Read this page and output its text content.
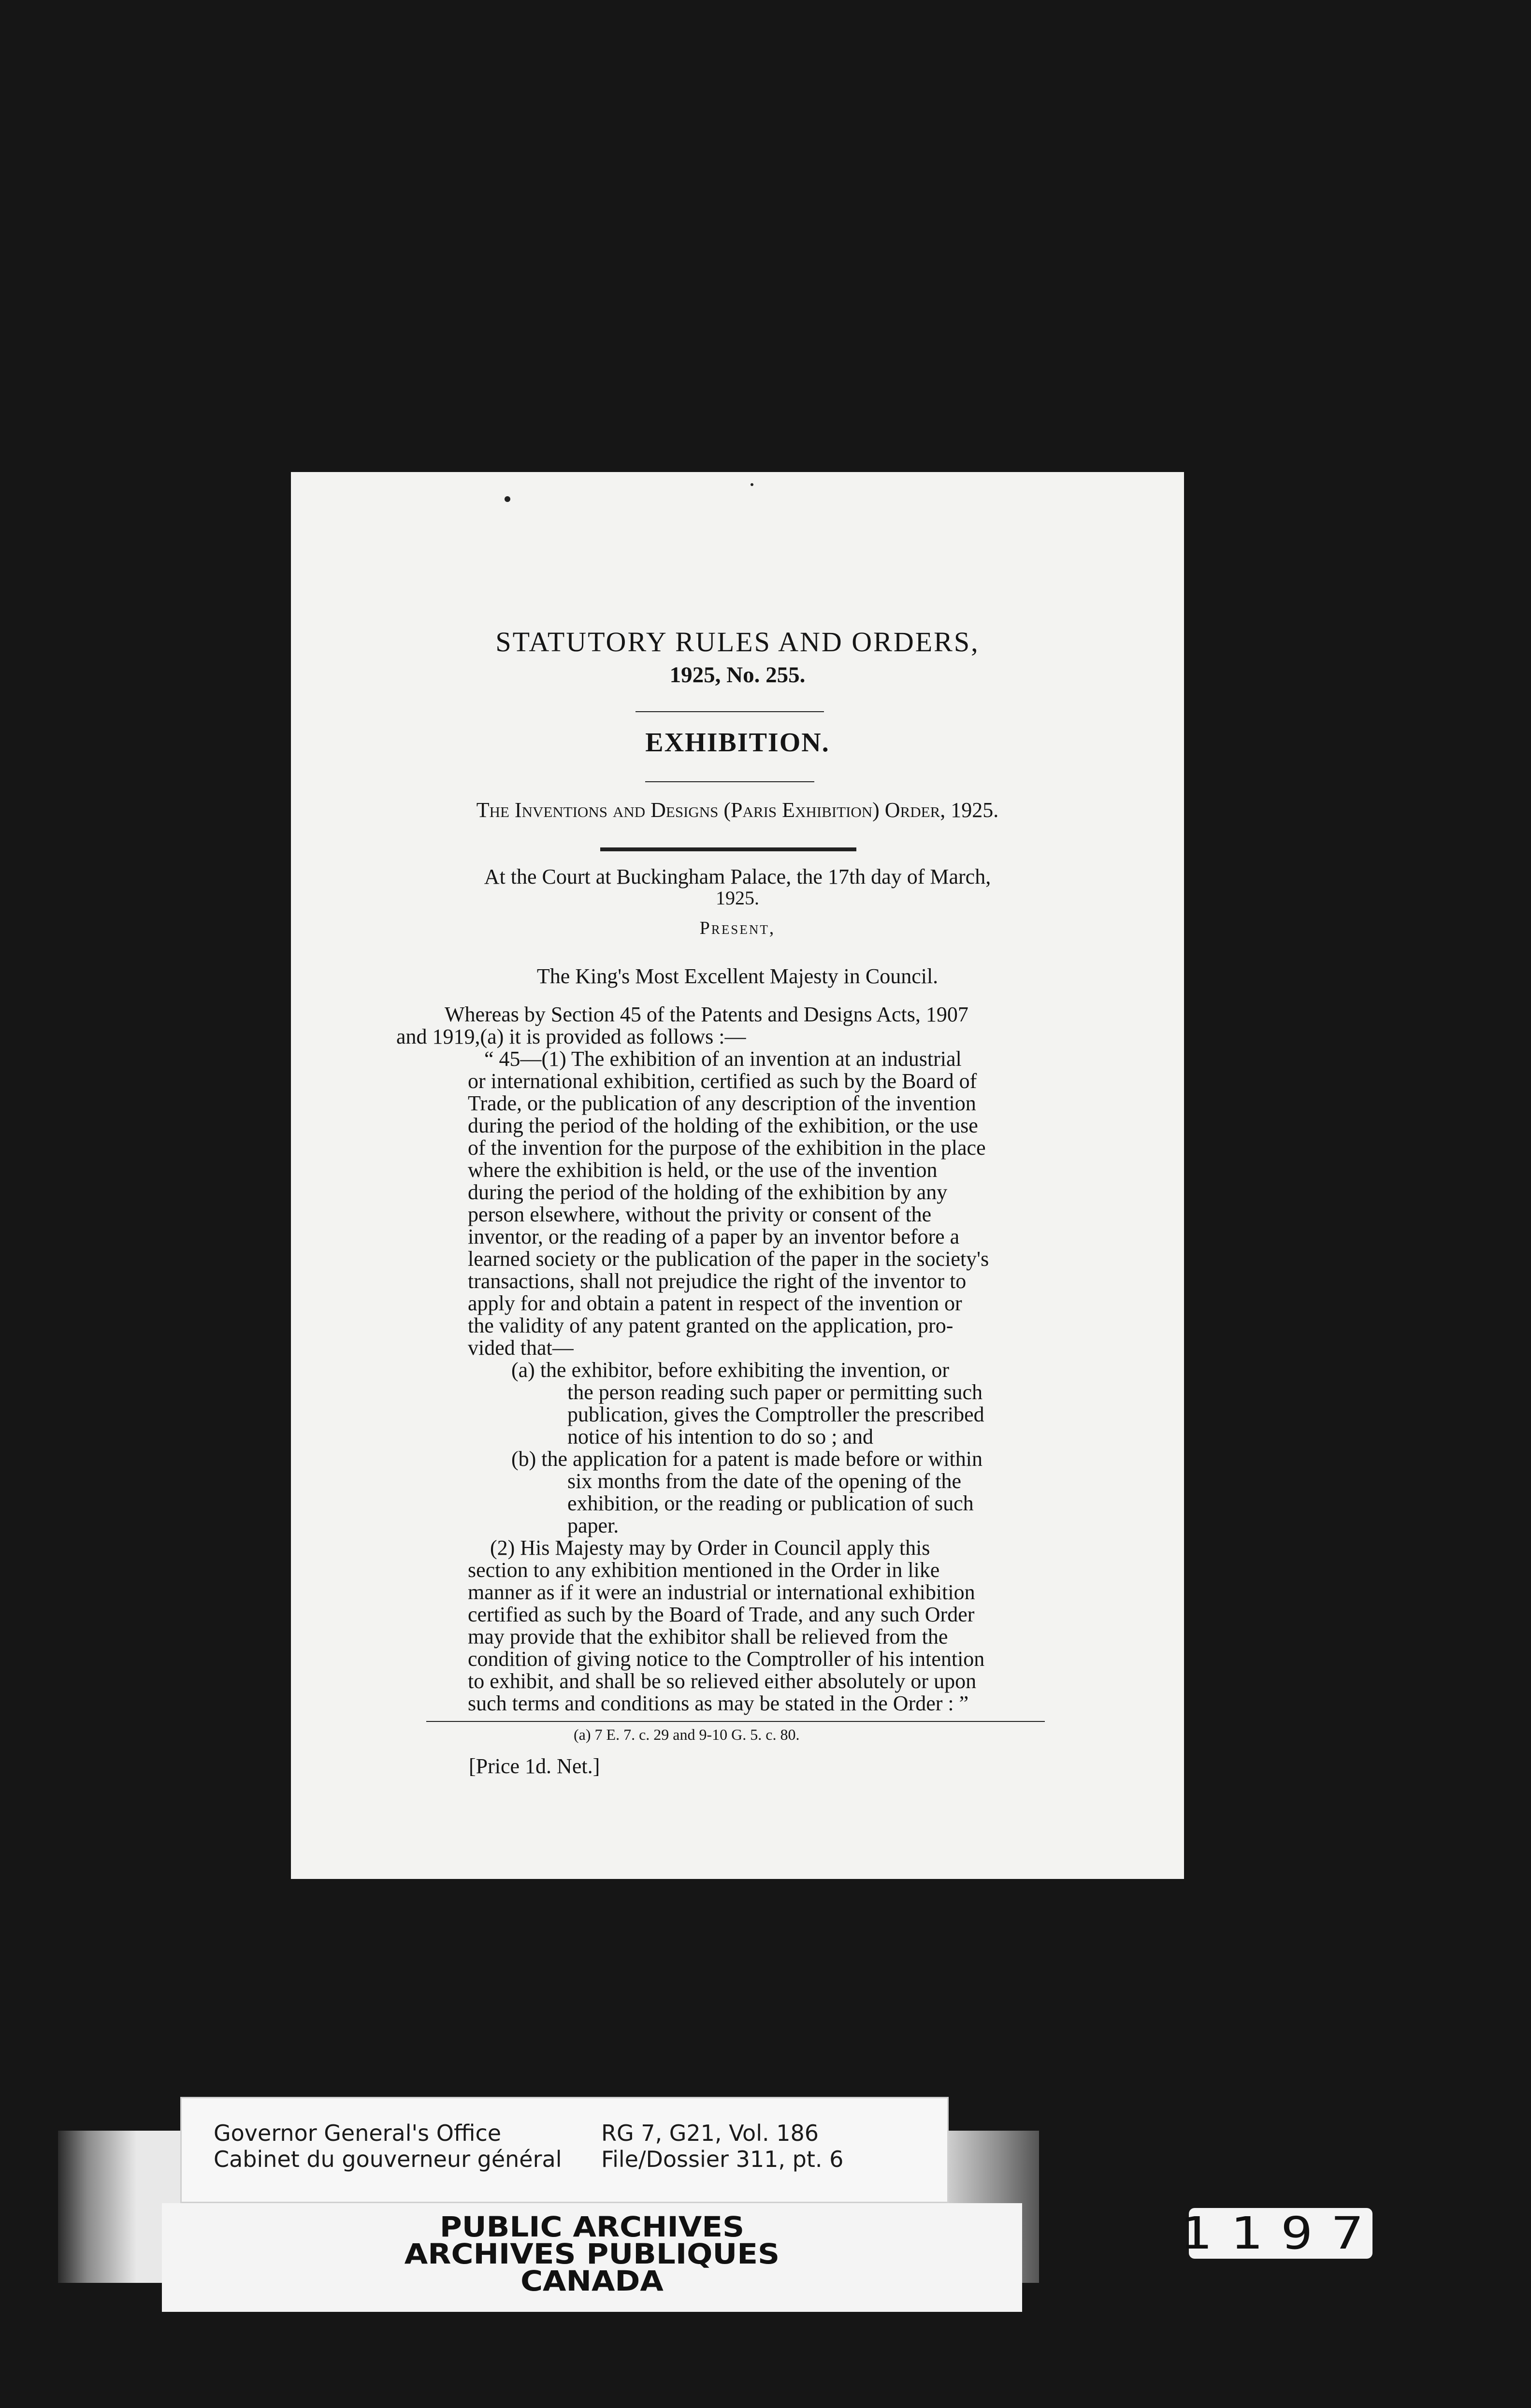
STATUTORY RULES AND ORDERS,
1925, No. 255.
EXHIBITION.
The Inventions and Designs (Paris Exhibition) Order, 1925.
At the Court at Buckingham Palace, the 17th day of March,
1925.
Present,
The King's Most Excellent Majesty in Council.
Whereas by Section 45 of the Patents and Designs Acts, 1907
and 1919,(a) it is provided as follows :—
“ 45—(1) The exhibition of an invention at an industrial
or international exhibition, certified as such by the Board of
Trade, or the publication of any description of the invention
during the period of the holding of the exhibition, or the use
of the invention for the purpose of the exhibition in the place
where the exhibition is held, or the use of the invention
during the period of the holding of the exhibition by any
person elsewhere, without the privity or consent of the
inventor, or the reading of a paper by an inventor before a
learned society or the publication of the paper in the society's
transactions, shall not prejudice the right of the inventor to
apply for and obtain a patent in respect of the invention or
the validity of any patent granted on the application, pro-
vided that—
(a) the exhibitor, before exhibiting the invention, or
the person reading such paper or permitting such
publication, gives the Comptroller the prescribed
notice of his intention to do so ; and
(b) the application for a patent is made before or within
six months from the date of the opening of the
exhibition, or the reading or publication of such
paper.
(2) His Majesty may by Order in Council apply this
section to any exhibition mentioned in the Order in like
manner as if it were an industrial or international exhibition
certified as such by the Board of Trade, and any such Order
may provide that the exhibitor shall be relieved from the
condition of giving notice to the Comptroller of his intention
to exhibit, and shall be so relieved either absolutely or upon
such terms and conditions as may be stated in the Order : ”
(a) 7 E. 7. c. 29 and 9-10 G. 5. c. 80.
[Price 1d. Net.]
Governor General's Office
Cabinet du gouverneur général
RG 7, G21, Vol. 186
File/Dossier 311, pt. 6
PUBLIC ARCHIVES
ARCHIVES PUBLIQUES
CANADA
1197
